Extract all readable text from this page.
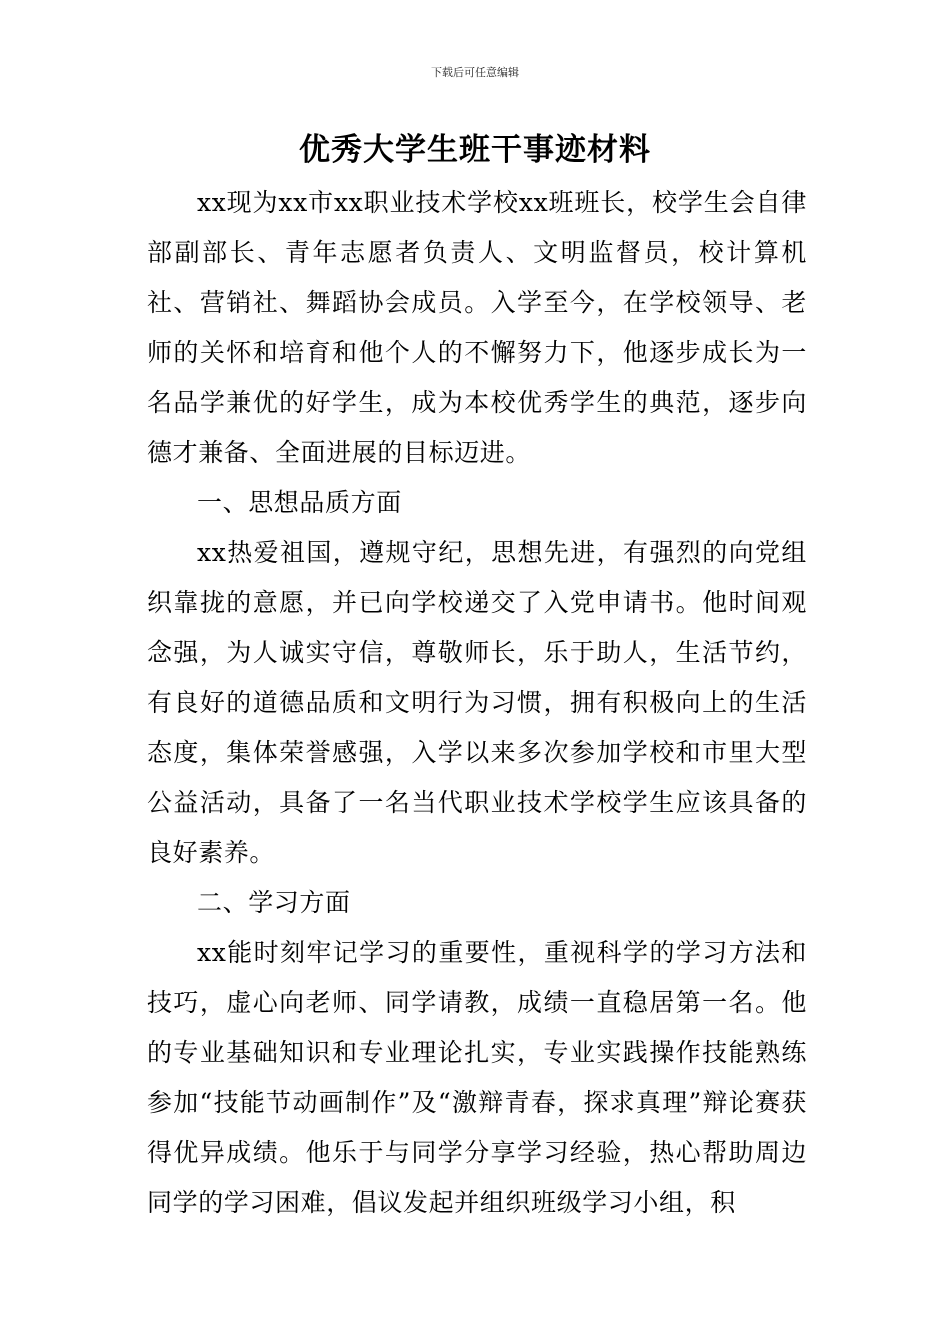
下载后可任意编辑
优秀大学生班干事迹材料

xx现为xx市xx职业技术学校xx班班长，校学生会自律部副部长、青年志愿者负责人、文明监督员，校计算机社、营销社、舞蹈协会成员。入学至今，在学校领导、老师的关怀和培育和他个人的不懈努力下，他逐步成长为一名品学兼优的好学生，成为本校优秀学生的典范，逐步向德才兼备、全面进展的目标迈进。

一、思想品质方面

xx热爱祖国，遵规守纪，思想先进，有强烈的向党组织靠拢的意愿，并已向学校递交了入党申请书。他时间观念强，为人诚实守信，尊敬师长，乐于助人，生活节约，有良好的道德品质和文明行为习惯，拥有积极向上的生活态度，集体荣誉感强，入学以来多次参加学校和市里大型公益活动，具备了一名当代职业技术学校学生应该具备的良好素养。

二、学习方面

xx能时刻牢记学习的重要性，重视科学的学习方法和技巧，虚心向老师、同学请教，成绩一直稳居第一名。他的专业基础知识和专业理论扎实，专业实践操作技能熟练参加“技能节动画制作”及“激辩青春，探求真理”辩论赛获得优异成绩。他乐于与同学分享学习经验，热心帮助周边同学的学习困难，倡议发起并组织班级学习小组，积
